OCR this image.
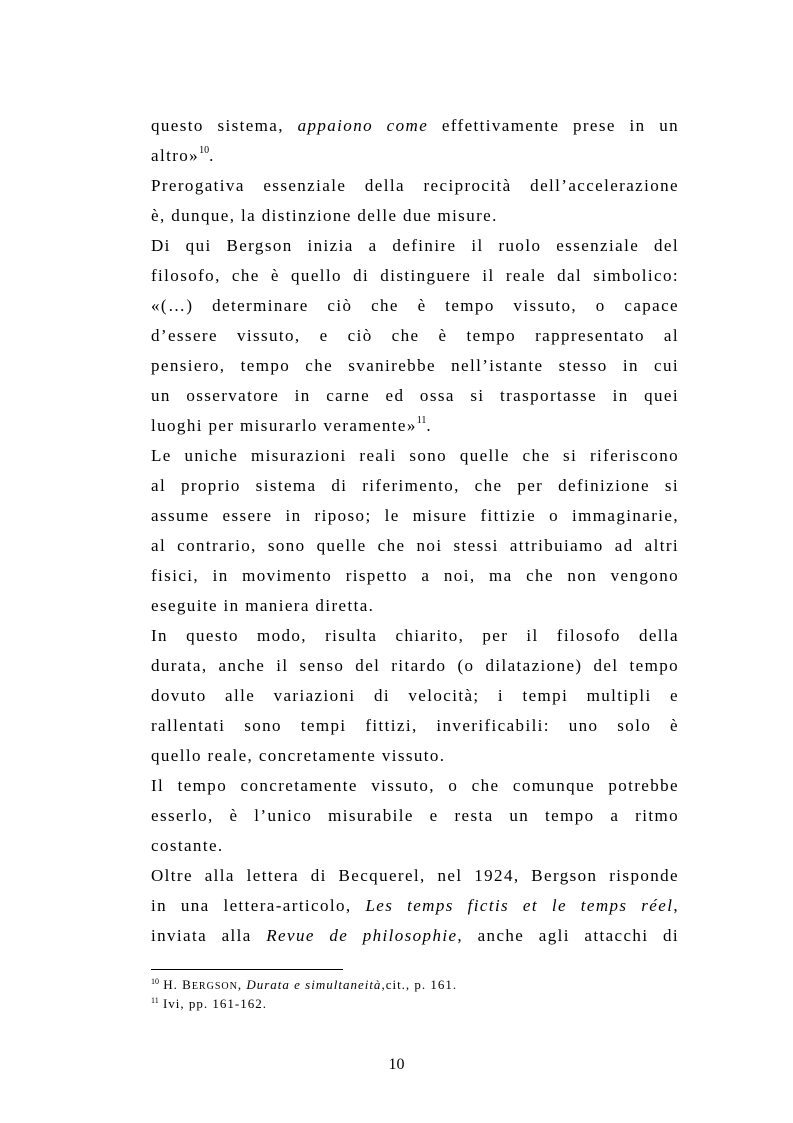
questo sistema, appaiono come effettivamente prese in un
altro»$^{10}$.
Prerogativa essenziale della reciprocità dell’accelerazione
è, dunque, la distinzione delle due misure.
Di qui Bergson inizia a definire il ruolo essenziale del
filosofo, che è quello di distinguere il reale dal simbolico:
«(…) determinare ciò che è tempo vissuto, o capace
d’essere vissuto, e ciò che è tempo rappresentato al
pensiero, tempo che svanirebbe nell’istante stesso in cui
un osservatore in carne ed ossa si trasportasse in quei
luoghi per misurarlo veramente»$^{11}$.
Le uniche misurazioni reali sono quelle che si riferiscono
al proprio sistema di riferimento, che per definizione si
assume essere in riposo; le misure fittizie o immaginarie,
al contrario, sono quelle che noi stessi attribuiamo ad altri
fisici, in movimento rispetto a noi, ma che non vengono
eseguite in maniera diretta.
In questo modo, risulta chiarito, per il filosofo della
durata, anche il senso del ritardo (o dilatazione) del tempo
dovuto alle variazioni di velocità; i tempi multipli e
rallentati sono tempi fittizi, inverificabili: uno solo è
quello reale, concretamente vissuto.
Il tempo concretamente vissuto, o che comunque potrebbe
esserlo, è l’unico misurabile e resta un tempo a ritmo
costante.
Oltre alla lettera di Becquerel, nel 1924, Bergson risponde
in una lettera-articolo, Les temps fictis et le temps réel,
inviata alla Revue de philosophie, anche agli attacchi di
$^{10}$ H. BERGSON, Durata e simultaneità,cit., p. 161.
$^{11}$ Ivi, pp. 161-162.
10
